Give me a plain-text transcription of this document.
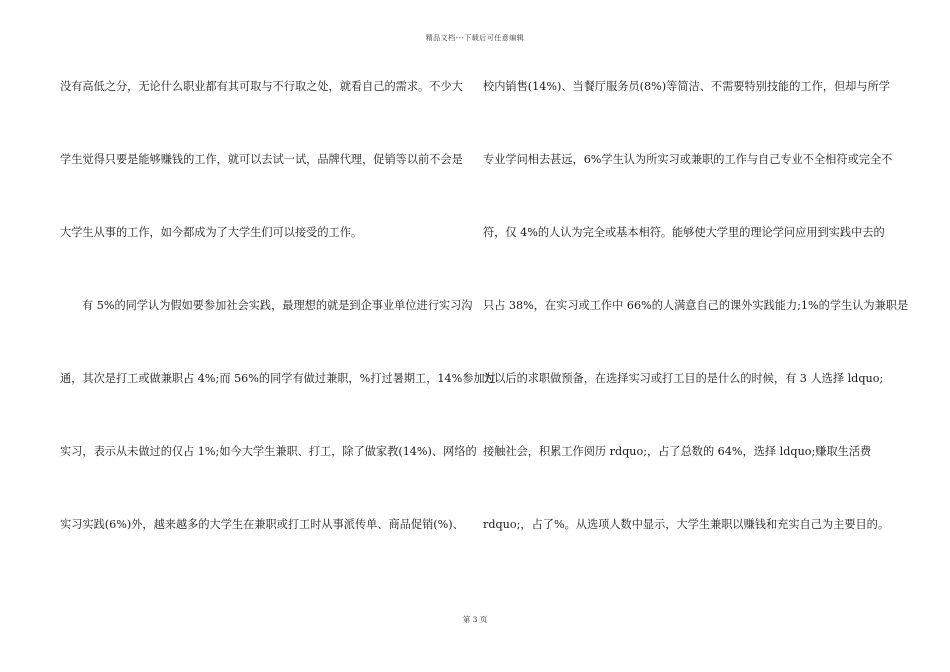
精品文档---下载后可任意编辑
没有高低之分，无论什么职业都有其可取与不行取之处，就看自己的需求。不少大
学生觉得只要是能够赚钱的工作，就可以去试一试，品牌代理，促销等以前不会是
大学生从事的工作，如今都成为了大学生们可以接受的工作。
有 5%的同学认为假如要参加社会实践，最理想的就是到企事业单位进行实习沟
通，其次是打工或做兼职占 4%;而 56%的同学有做过兼职，%打过暑期工，14%参加过
实习，表示从未做过的仅占 1%;如今大学生兼职、打工，除了做家教(14%)、网络的
实习实践(6%)外，越来越多的大学生在兼职或打工时从事派传单、商品促销(%)、
校内销售(14%)、当餐厅服务员(8%)等简洁、不需要特别技能的工作，但却与所学
专业学问相去甚远，6%学生认为所实习或兼职的工作与自己专业不全相符或完全不
符，仅 4%的人认为完全或基本相符。能够使大学里的理论学问应用到实践中去的
只占 38%，在实习或工作中 66%的人满意自己的课外实践能力;1%的学生认为兼职是
为以后的求职做预备，在选择实习或打工目的是什么的时候，有 3 人选择 ldquo;
接触社会，积累工作阅历 rdquo;，占了总数的 64%，选择 ldquo;赚取生活费
rdquo;，占了%。从选项人数中显示，大学生兼职以赚钱和充实自己为主要目的。
第 3 页
